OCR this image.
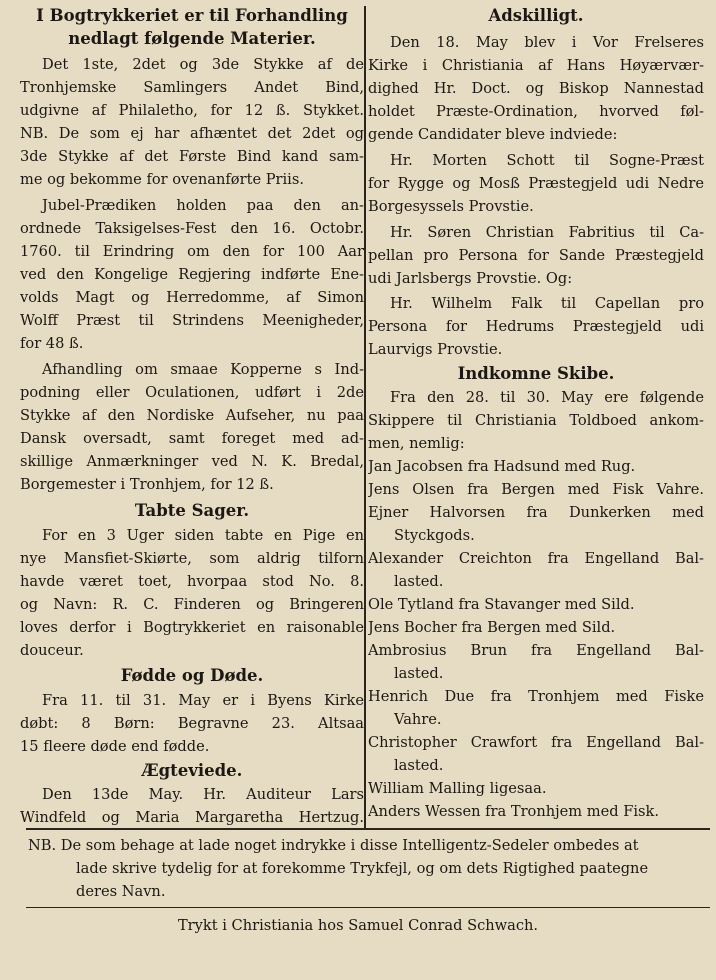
I Bogtrykkeriet er til Forhandling
nedlagt følgende Materier.
Det 1ste, 2det og 3de Stykke af de
Tronhjemske Samlingers Andet Bind,
udgivne af Philaletho, for 12 ß. Stykket.
NB. De som ej har afhæntet det 2det og
3de Stykke af det Første Bind kand sam-
me og bekomme for ovenanførte Priis.
Jubel-Prædiken holden paa den an-
ordnede Taksigelses-Fest den 16. Octobr.
1760. til Erindring om den for 100 Aar
ved den Kongelige Regjering indførte Ene-
volds Magt og Herredomme, af Simon
Wolff Præst til Strindens Meenigheder,
for 48 ß.
Afhandling om smaae Kopperne s Ind-
podning eller Oculationen, udført i 2de
Stykke af den Nordiske Aufseher, nu paa
Dansk oversadt, samt foreget med ad-
skillige Anmærkninger ved N. K. Bredal,
Borgemester i Tronhjem, for 12 ß.
Tabte Sager.
For en 3 Uger siden tabte en Pige en
nye Mansfiet-Skiørte, som aldrig tilforn
havde været toet, hvorpaa stod No. 8.
og Navn: R. C. Finderen og Bringeren
loves derfor i Bogtrykkeriet en raisonable
douceur.
Fødde og Døde.
Fra 11. til 31. May er i Byens Kirke
døbt: 8 Børn: Begravne 23. Altsaa
15 fleere døde end fødde.
Ægteviede.
Den 13de May. Hr. Auditeur Lars
Windfeld og Maria Margaretha Hertzug.
Adskilligt.
Den 18. May blev i Vor Frelseres
Kirke i Christiania af Hans Høyærvær-
dighed Hr. Doct. og Biskop Nannestad
holdet Præste-Ordination, hvorved føl-
gende Candidater bleve indviede:
Hr. Morten Schott til Sogne-Præst
for Rygge og Mosß Præstegjeld udi Nedre
Borgesyssels Provstie.
Hr. Søren Christian Fabritius til Ca-
pellan pro Persona for Sande Præstegjeld
udi Jarlsbergs Provstie. Og:
Hr. Wilhelm Falk til Capellan pro
Persona for Hedrums Præstegjeld udi
Laurvigs Provstie.
Indkomne Skibe.
Fra den 28. til 30. May ere følgende
Skippere til Christiania Toldboed ankom-
men, nemlig:
Jan Jacobsen fra Hadsund med Rug.
Jens Olsen fra Bergen med Fisk Vahre.
Ejner Halvorsen fra Dunkerken med
Styckgods.
Alexander Creichton fra Engelland Bal-
lasted.
Ole Tytland fra Stavanger med Sild.
Jens Bocher fra Bergen med Sild.
Ambrosius Brun fra Engelland Bal-
lasted.
Henrich Due fra Tronhjem med Fiske
Vahre.
Christopher Crawfort fra Engelland Bal-
lasted.
William Malling ligesaa.
Anders Wessen fra Tronhjem med Fisk.
NB. De som behage at lade noget indrykke i disse Intelligentz-Sedeler ombedes at
lade skrive tydelig for at forekomme Trykfejl, og om dets Rigtighed paategne
deres Navn.
Trykt i Christiania hos Samuel Conrad Schwach.
